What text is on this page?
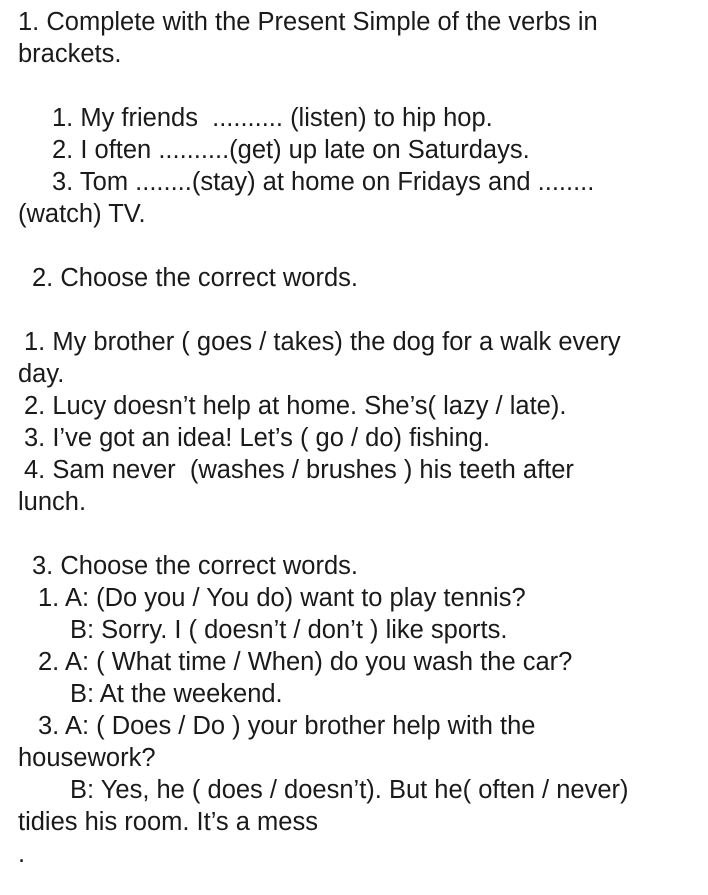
1. Complete with the Present Simple of the verbs in
brackets.
1. My friends  .......... (listen) to hip hop.
2. I often ..........(get) up late on Saturdays.
3. Tom ........(stay) at home on Fridays and ........
(watch) TV.
2. Choose the correct words.
1. My brother ( goes / takes) the dog for a walk every
day.
2. Lucy doesn’t help at home. She’s( lazy / late).
3. I’ve got an idea! Let’s ( go / do) fishing.
4. Sam never  (washes / brushes ) his teeth after
lunch.
3. Choose the correct words.
1. A: (Do you / You do) want to play tennis?
B: Sorry. I ( doesn’t / don’t ) like sports.
2. A: ( What time / When) do you wash the car?
B: At the weekend.
3. A: ( Does / Do ) your brother help with the
housework?
B: Yes, he ( does / doesn’t). But he( often / never)
tidies his room. It’s a mess
.
